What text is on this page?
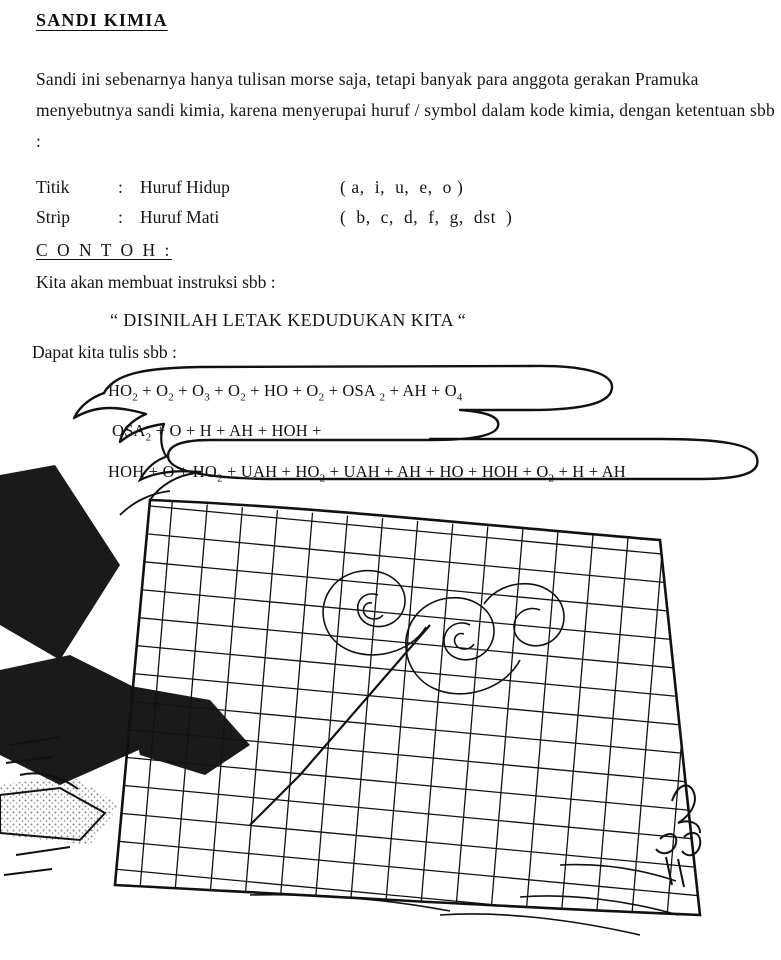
SANDI KIMIA
Sandi ini sebenarnya hanya tulisan morse saja, tetapi banyak para anggota gerakan Pramuka menyebutnya sandi kimia, karena menyerupai huruf / symbol dalam kode kimia, dengan ketentuan sbb :
Titik	: Huruf Hidup	( a,  i,  u,  e,  o )
Strip	: Huruf Mati	(  b,  c,  d,  f,  g,  dst  )
C O N T O H :
Kita akan membuat instruksi sbb :
“ DISINILAH LETAK KEDUDUKAN KITA “
Dapat kita tulis sbb :
$HO_2 + O_2 + O_3 + O_2$ + HO + $O_2$ + OSA $_2$ + AH + $O_4$
$OSA_2 + O + H$ + AH + HOH +
HOH + $O + HO_2$ + UAH + $HO_2$ + UAH + AH + HO + HOH + $O_2 + H$ + AH
